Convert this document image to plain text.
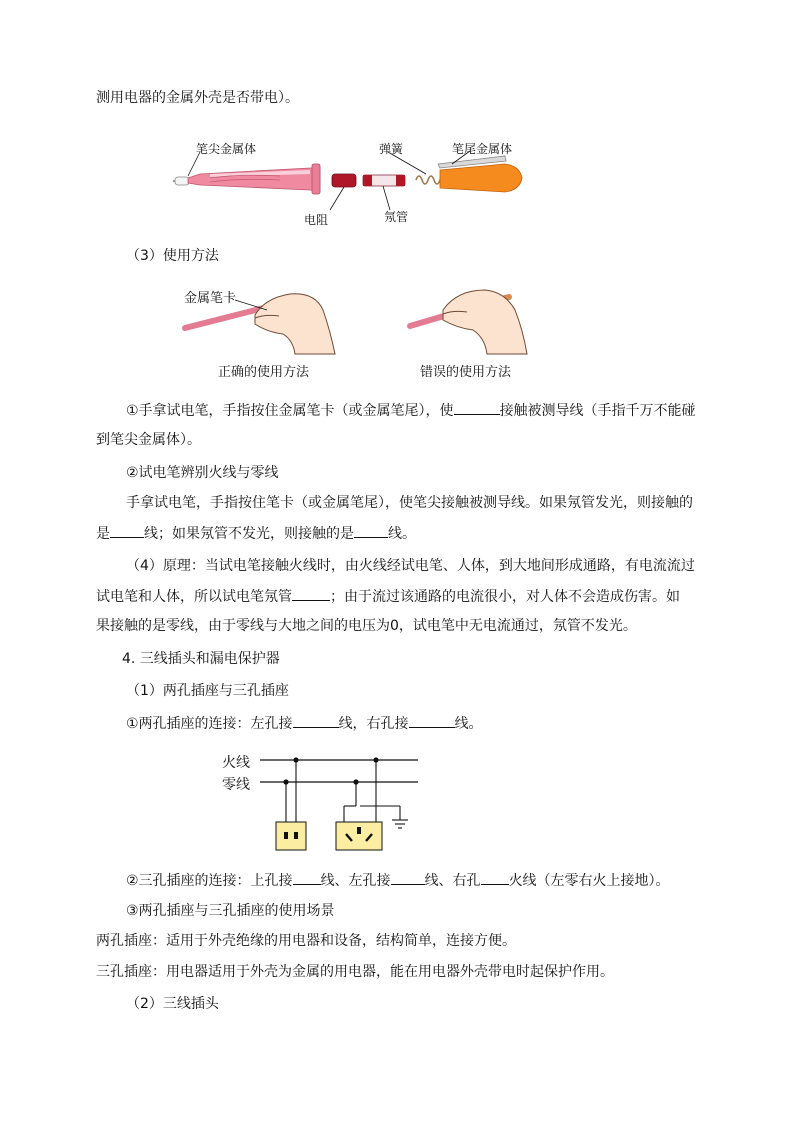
测用电器的金属外壳是否带电）。
笔尖金属体	弹簧	笔尾金属体
电阻	氖管
（3）使用方法
金属笔卡
正确的使用方法	错误的使用方法
①手拿试电笔，手指按住金属笔卡（或金属笔尾），使	接触被测导线（手指千万不能碰
到笔尖金属体）。
②试电笔辨别火线与零线
手拿试电笔，手指按住笔卡（或金属笔尾），使笔尖接触被测导线。如果氖管发光，则接触的
是 线；如果氖管不发光，则接触的是 线。
（4）原理：当试电笔接触火线时，由火线经试电笔、人体，到大地间形成通路，有电流流过
试电笔和人体，所以试电笔氖管	；由于流过该通路的电流很小，对人体不会造成伤害。如
果接触的是零线，由于零线与大地之间的电压为0，试电笔中无电流通过，氖管不发光。
4. 三线插头和漏电保护器
（1）两孔插座与三孔插座
①两孔插座的连接：左孔接	线，右孔接	线。
火线
零线
②三孔插座的连接：上孔接 线、左孔接 线、右孔 火线（左零右火上接地）。
③两孔插座与三孔插座的使用场景
两孔插座：适用于外壳绝缘的用电器和设备，结构简单，连接方便。
三孔插座：用电器适用于外壳为金属的用电器，能在用电器外壳带电时起保护作用。
（2）三线插头
